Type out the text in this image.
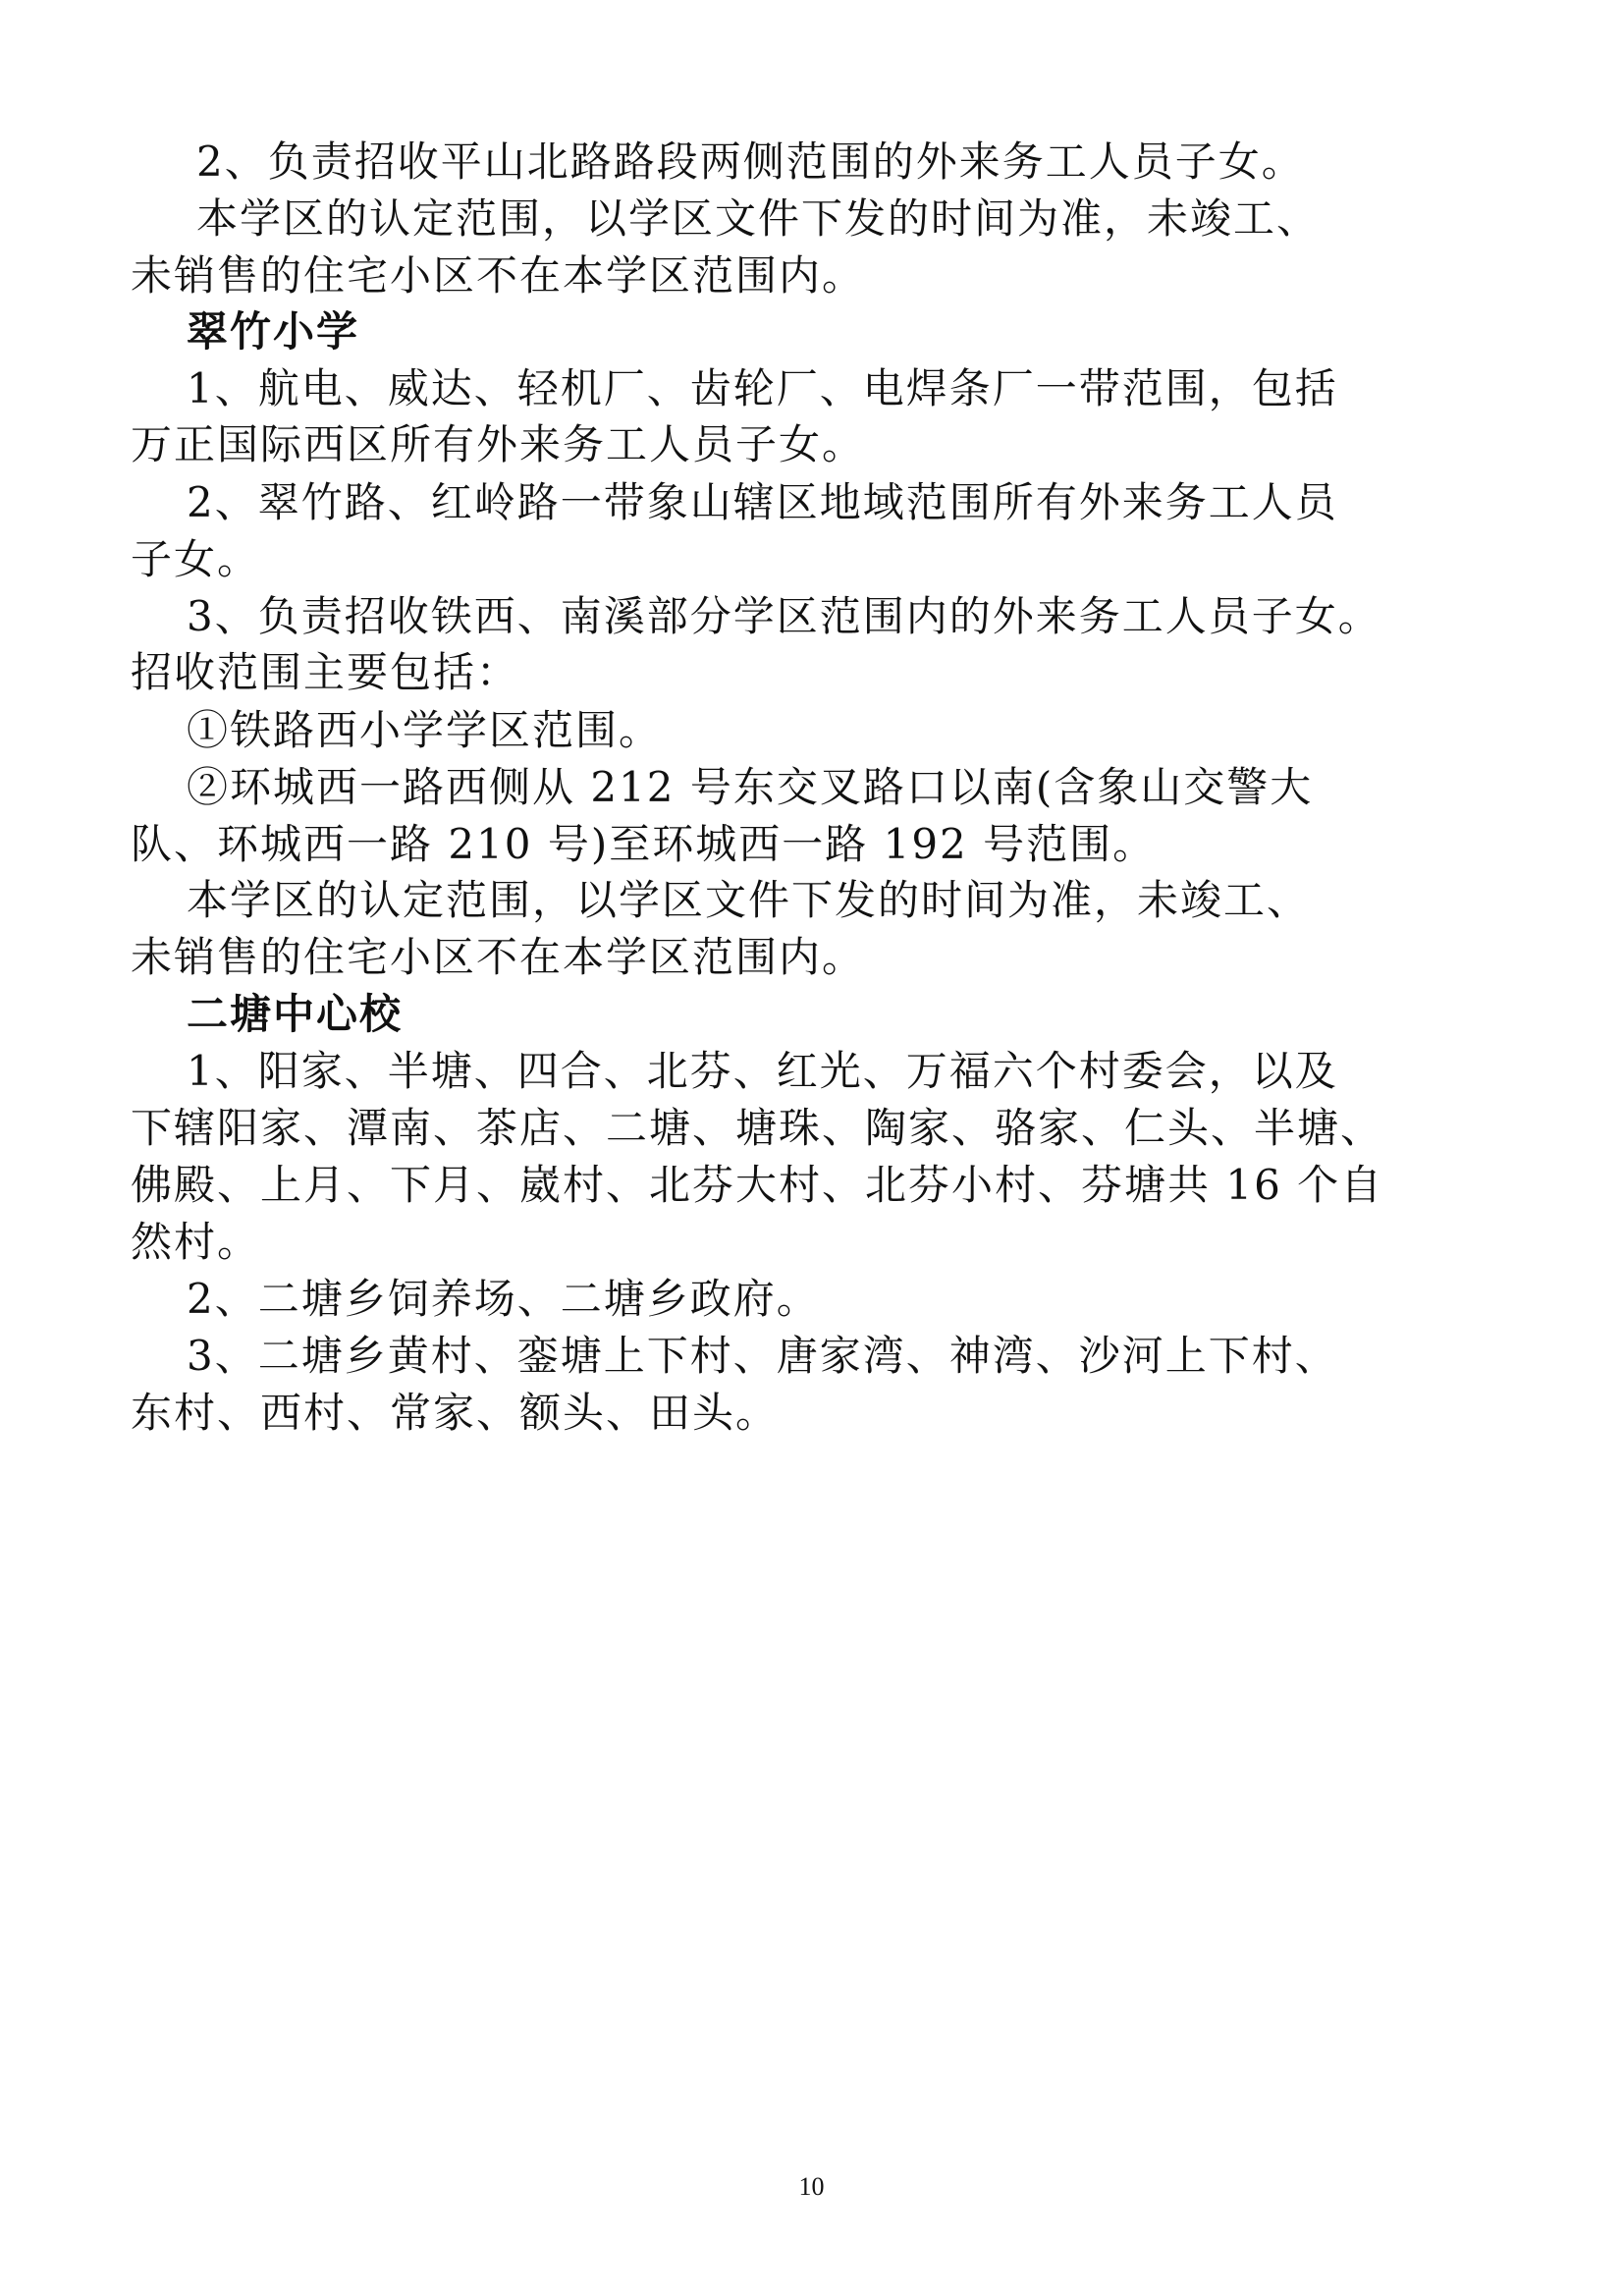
2、负责招收平山北路路段两侧范围的外来务工人员子女。
本学区的认定范围，以学区文件下发的时间为准，未竣工、
未销售的住宅小区不在本学区范围内。
翠竹小学
1、航电、威达、轻机厂、齿轮厂、电焊条厂一带范围，包括
万正国际西区所有外来务工人员子女。
2、翠竹路、红岭路一带象山辖区地域范围所有外来务工人员
子女。
3、负责招收铁西、南溪部分学区范围内的外来务工人员子女。
招收范围主要包括：
①铁路西小学学区范围。
②环城西一路西侧从 212 号东交叉路口以南(含象山交警大
队、环城西一路 210 号)至环城西一路 192 号范围。
本学区的认定范围，以学区文件下发的时间为准，未竣工、
未销售的住宅小区不在本学区范围内。
二塘中心校
1、阳家、半塘、四合、北芬、红光、万福六个村委会，以及
下辖阳家、潭南、茶店、二塘、塘珠、陶家、骆家、仁头、半塘、
佛殿、上月、下月、崴村、北芬大村、北芬小村、芬塘共 16 个自
然村。
2、二塘乡饲养场、二塘乡政府。
3、二塘乡黄村、銮塘上下村、唐家湾、神湾、沙河上下村、
东村、西村、常家、额头、田头。
10
